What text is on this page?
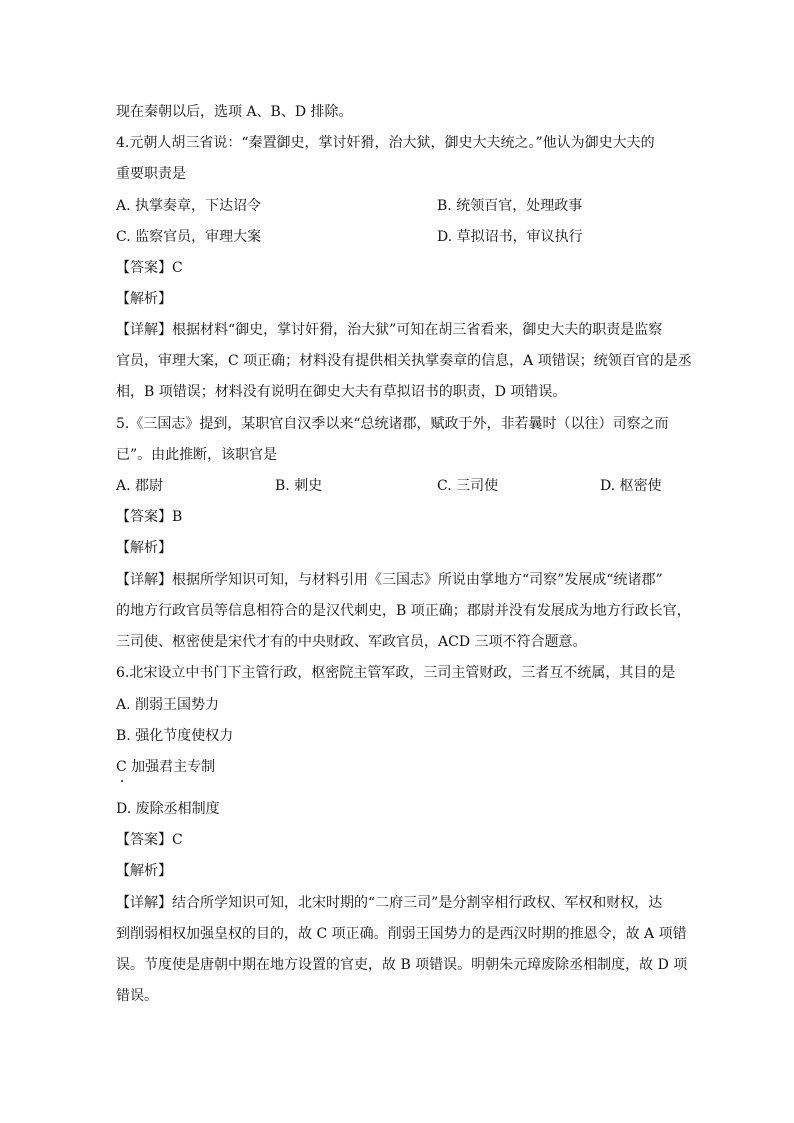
现在秦朝以后，选项 A、B、D 排除。
4.元朝人胡三省说：“秦置御史，掌讨奸猾，治大狱，御史大夫统之。”他认为御史大夫的
重要职责是
A. 执掌奏章，下达诏令	B. 统领百官，处理政事
C. 监察官员，审理大案	D. 草拟诏书，审议执行
【答案】C
【解析】
【详解】根据材料“御史，掌讨奸猾，治大狱”可知在胡三省看来，御史大夫的职责是监察
官员，审理大案，C 项正确；材料没有提供相关执掌奏章的信息，A 项错误；统领百官的是丞
相，B 项错误；材料没有说明在御史大夫有草拟诏书的职责，D 项错误。
5.《三国志》提到，某职官自汉季以来“总统诸郡，赋政于外，非若曩时（以往）司察之而
已”。由此推断，该职官是
A. 郡尉	B. 刺史	C. 三司使	D. 枢密使
【答案】B
【解析】
【详解】根据所学知识可知，与材料引用《三国志》所说由掌地方“司察”发展成“统诸郡”
的地方行政官员等信息相符合的是汉代刺史，B 项正确；郡尉并没有发展成为地方行政长官，
三司使、枢密使是宋代才有的中央财政、军政官员，ACD 三项不符合题意。
6.北宋设立中书门下主管行政，枢密院主管军政，三司主管财政，三者互不统属，其目的是
A. 削弱王国势力
B. 强化节度使权力
C 加强君主专制
D. 废除丞相制度
【答案】C
【解析】
【详解】结合所学知识可知，北宋时期的“二府三司”是分割宰相行政权、军权和财权，达
到削弱相权加强皇权的目的，故 C 项正确。削弱王国势力的是西汉时期的推恩令，故 A 项错
误。节度使是唐朝中期在地方设置的官吏，故 B 项错误。明朝朱元璋废除丞相制度，故 D 项
错误。
